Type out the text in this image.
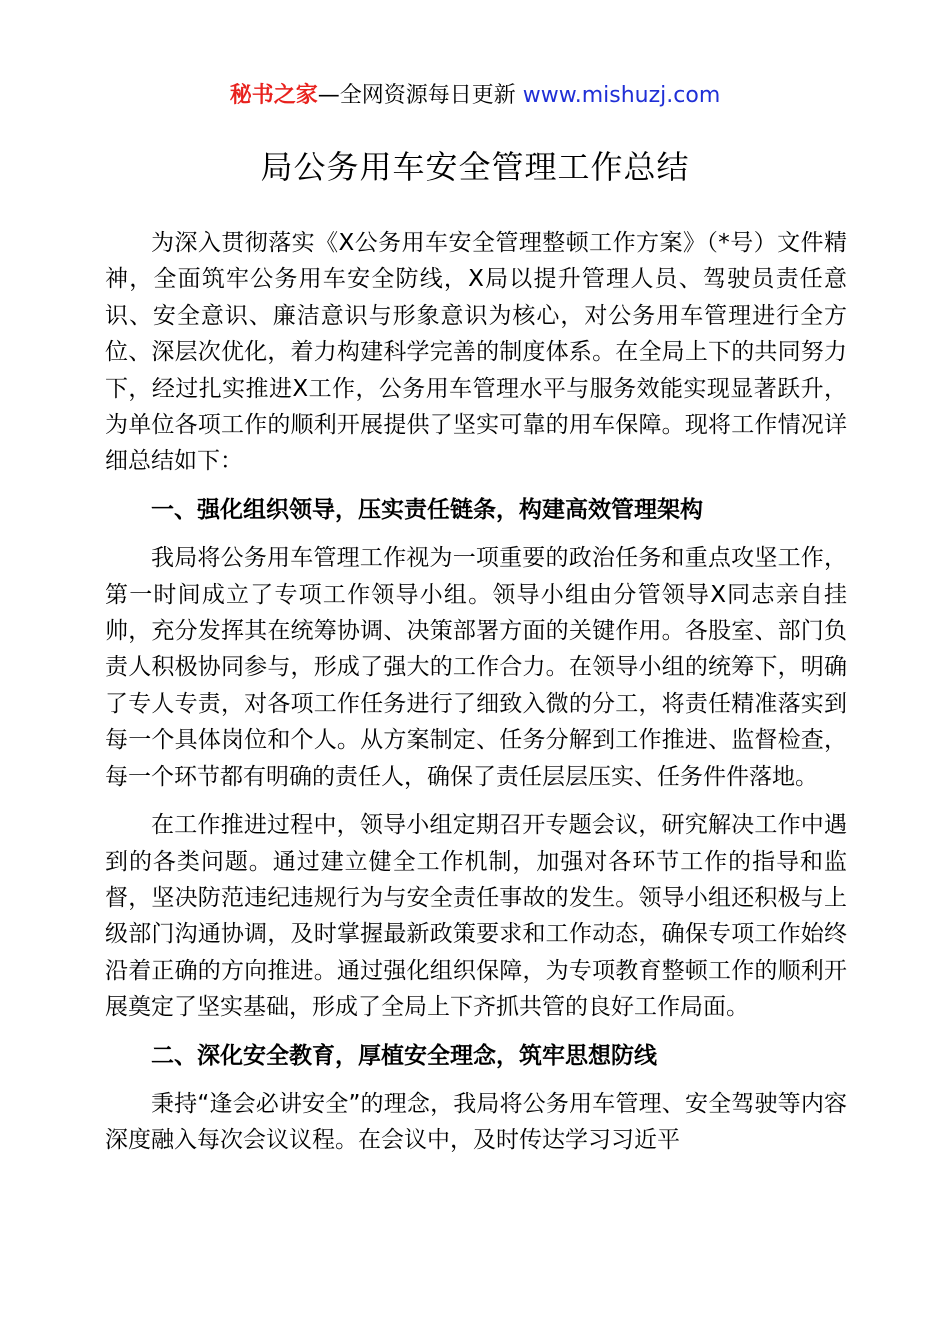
秘书之家—全网资源每日更新 www.mishuzj.com
局公务用车安全管理工作总结

为深入贯彻落实《X公务用车安全管理整顿工作方案》（*号）文件精神，全面筑牢公务用车安全防线，X局以提升管理人员、驾驶员责任意识、安全意识、廉洁意识与形象意识为核心，对公务用车管理进行全方位、深层次优化，着力构建科学完善的制度体系。在全局上下的共同努力下，经过扎实推进X工作，公务用车管理水平与服务效能实现显著跃升，为单位各项工作的顺利开展提供了坚实可靠的用车保障。现将工作情况详细总结如下：

一、强化组织领导，压实责任链条，构建高效管理架构

我局将公务用车管理工作视为一项重要的政治任务和重点攻坚工作，第一时间成立了专项工作领导小组。领导小组由分管领导X同志亲自挂帅，充分发挥其在统筹协调、决策部署方面的关键作用。各股室、部门负责人积极协同参与，形成了强大的工作合力。在领导小组的统筹下，明确了专人专责，对各项工作任务进行了细致入微的分工，将责任精准落实到每一个具体岗位和个人。从方案制定、任务分解到工作推进、监督检查，每一个环节都有明确的责任人，确保了责任层层压实、任务件件落地。

在工作推进过程中，领导小组定期召开专题会议，研究解决工作中遇到的各类问题。通过建立健全工作机制，加强对各环节工作的指导和监督，坚决防范违纪违规行为与安全责任事故的发生。领导小组还积极与上级部门沟通协调，及时掌握最新政策要求和工作动态，确保专项工作始终沿着正确的方向推进。通过强化组织保障，为专项教育整顿工作的顺利开展奠定了坚实基础，形成了全局上下齐抓共管的良好工作局面。

二、深化安全教育，厚植安全理念，筑牢思想防线

秉持“逢会必讲安全”的理念，我局将公务用车管理、安全驾驶等内容深度融入每次会议议程。在会议中，及时传达学习习近平
